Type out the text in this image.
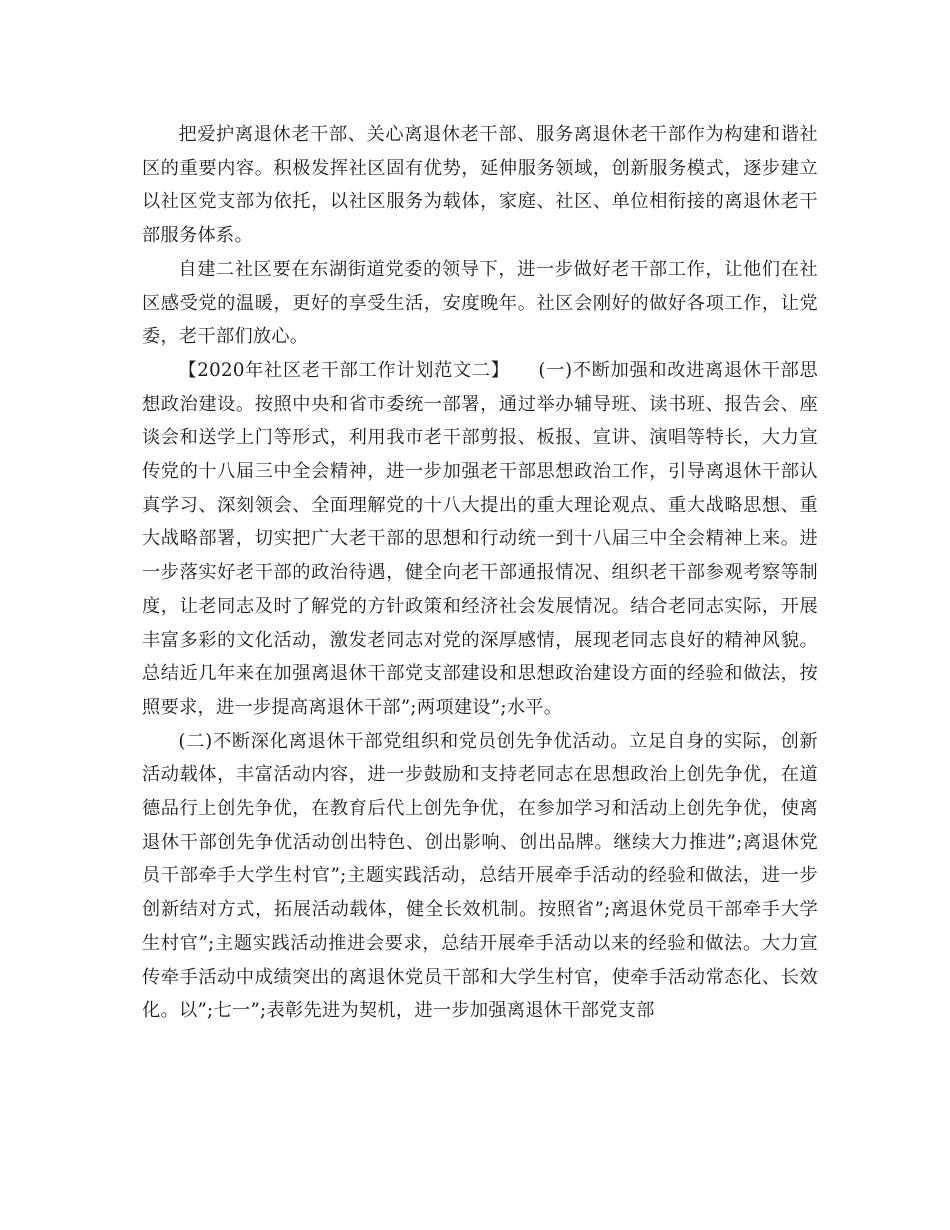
把爱护离退休老干部、关心离退休老干部、服务离退休老干部作为构建和谐社区的重要内容。积极发挥社区固有优势，延伸服务领域，创新服务模式，逐步建立以社区党支部为依托，以社区服务为载体，家庭、社区、单位相衔接的离退休老干部服务体系。

自建二社区要在东湖街道党委的领导下，进一步做好老干部工作，让他们在社区感受党的温暖，更好的享受生活，安度晚年。社区会刚好的做好各项工作，让党委，老干部们放心。

【2020年社区老干部工作计划范文二】　　(一)不断加强和改进离退休干部思想政治建设。按照中央和省市委统一部署，通过举办辅导班、读书班、报告会、座谈会和送学上门等形式，利用我市老干部剪报、板报、宣讲、演唱等特长，大力宣传党的十八届三中全会精神，进一步加强老干部思想政治工作，引导离退休干部认真学习、深刻领会、全面理解党的十八大提出的重大理论观点、重大战略思想、重大战略部署，切实把广大老干部的思想和行动统一到十八届三中全会精神上来。进一步落实好老干部的政治待遇，健全向老干部通报情况、组织老干部参观考察等制度，让老同志及时了解党的方针政策和经济社会发展情况。结合老同志实际，开展丰富多彩的文化活动，激发老同志对党的深厚感情，展现老同志良好的精神风貌。总结近几年来在加强离退休干部党支部建设和思想政治建设方面的经验和做法，按照要求，进一步提高离退休干部”;两项建设”;水平。

(二)不断深化离退休干部党组织和党员创先争优活动。立足自身的实际，创新活动载体，丰富活动内容，进一步鼓励和支持老同志在思想政治上创先争优，在道德品行上创先争优，在教育后代上创先争优，在参加学习和活动上创先争优，使离退休干部创先争优活动创出特色、创出影响、创出品牌。继续大力推进”;离退休党员干部牵手大学生村官”;主题实践活动，总结开展牵手活动的经验和做法，进一步创新结对方式，拓展活动载体，健全长效机制。按照省”;离退休党员干部牵手大学生村官”;主题实践活动推进会要求，总结开展牵手活动以来的经验和做法。大力宣传牵手活动中成绩突出的离退休党员干部和大学生村官，使牵手活动常态化、长效化。以”;七一”;表彰先进为契机，进一步加强离退休干部党支部
